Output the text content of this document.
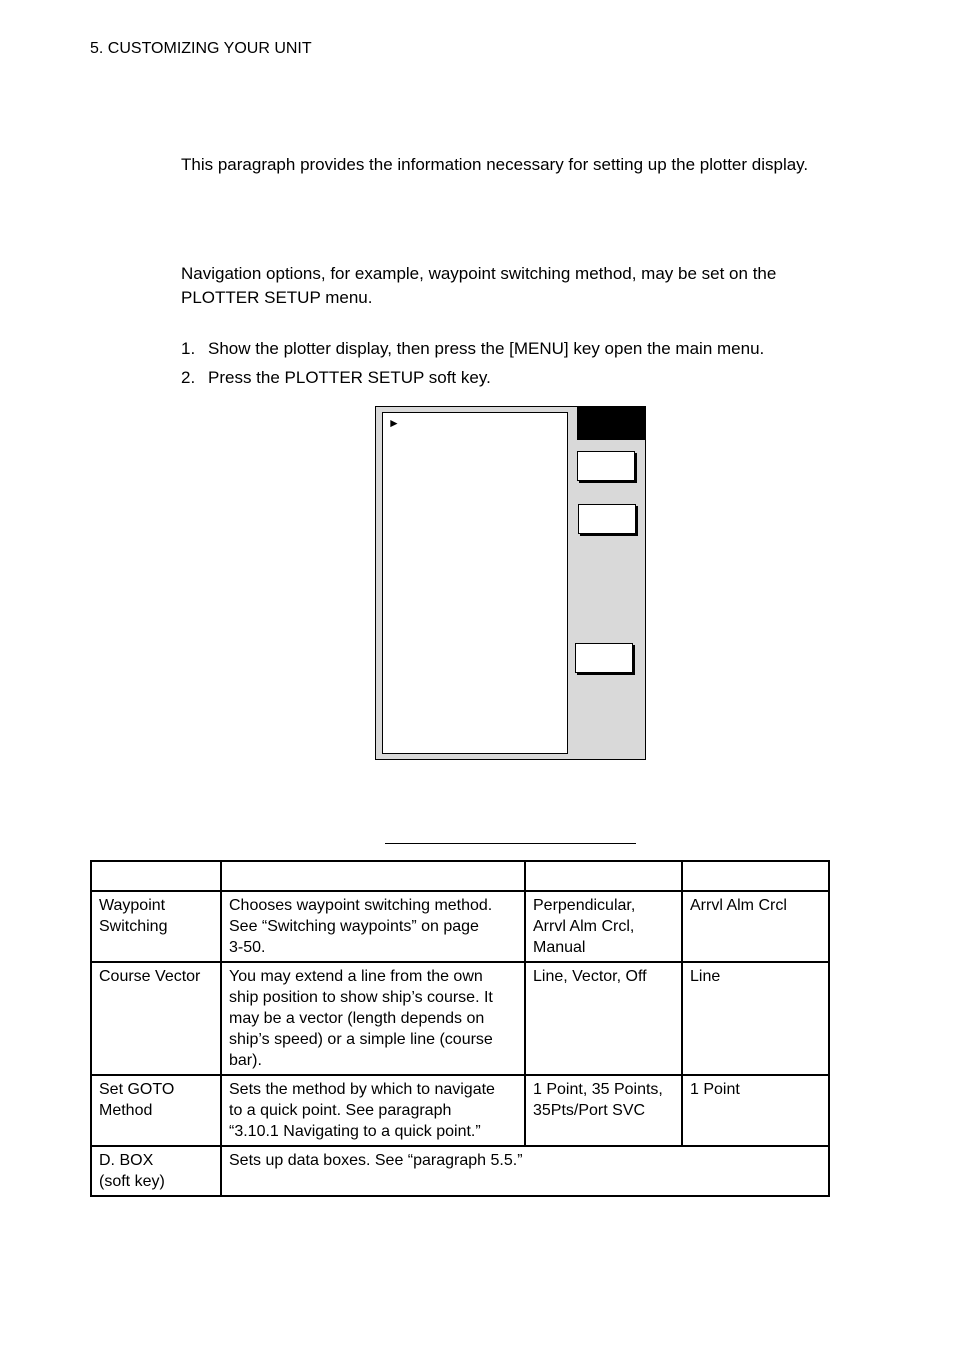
5. CUSTOMIZING YOUR UNIT
This paragraph provides the information necessary for setting up the plotter display.
Navigation options, for example, waypoint switching method, may be set on the PLOTTER SETUP menu.
1. Show the plotter display, then press the [MENU] key open the main menu.
2. Press the PLOTTER SETUP soft key.
►

Waypoint
Switching	Chooses waypoint switching method.
See “Switching waypoints” on page
3-50.	Perpendicular,
Arrvl Alm Crcl,
Manual	Arrvl Alm Crcl
Course Vector	You may extend a line from the own
ship position to show ship’s course. It
may be a vector (length depends on
ship’s speed) or a simple line (course
bar).	Line, Vector, Off	Line
Set GOTO
Method	Sets the method by which to navigate
to a quick point. See paragraph
“3.10.1 Navigating to a quick point.”	1 Point, 35 Points,
35Pts/Port SVC	1 Point
D. BOX
(soft key)	Sets up data boxes. See “paragraph 5.5.”		
